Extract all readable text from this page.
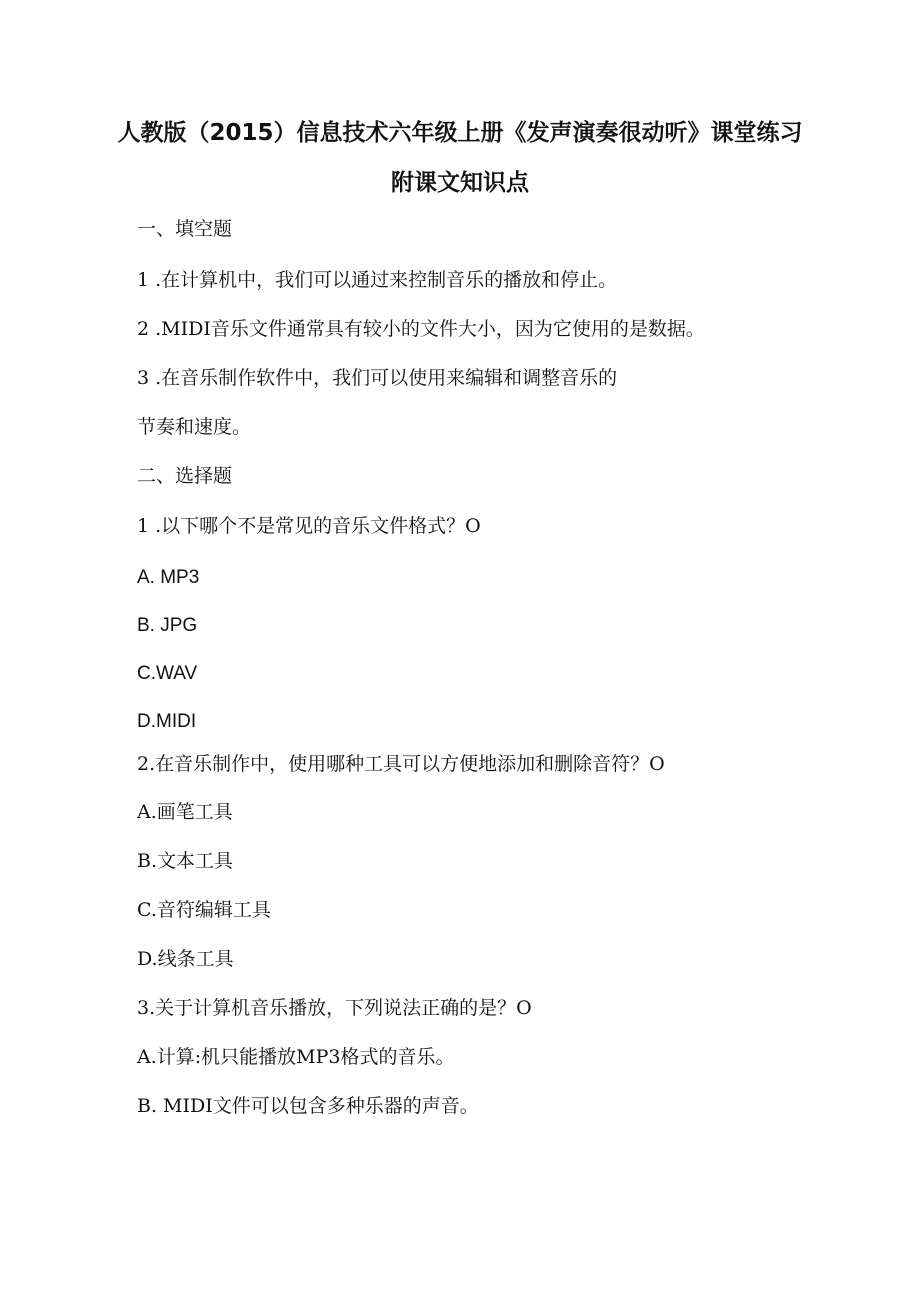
人教版（2015）信息技术六年级上册《发声演奏很动听》课堂练习
附课文知识点
一、填空题
1 .在计算机中，我们可以通过来控制音乐的播放和停止。
2 .MIDI音乐文件通常具有较小的文件大小，因为它使用的是数据。
3 .在音乐制作软件中，我们可以使用来编辑和调整音乐的
节奏和速度。
二、选择题
1 .以下哪个不是常见的音乐文件格式？O
A. MP3
B. JPG
C.WAV
D.MIDI
2.在音乐制作中，使用哪种工具可以方便地添加和删除音符？O
A.画笔工具
B.文本工具
C.音符编辑工具
D.线条工具
3.关于计算机音乐播放，下列说法正确的是？O
A.计算:机只能播放MP3格式的音乐。
B. MIDI文件可以包含多种乐器的声音。
